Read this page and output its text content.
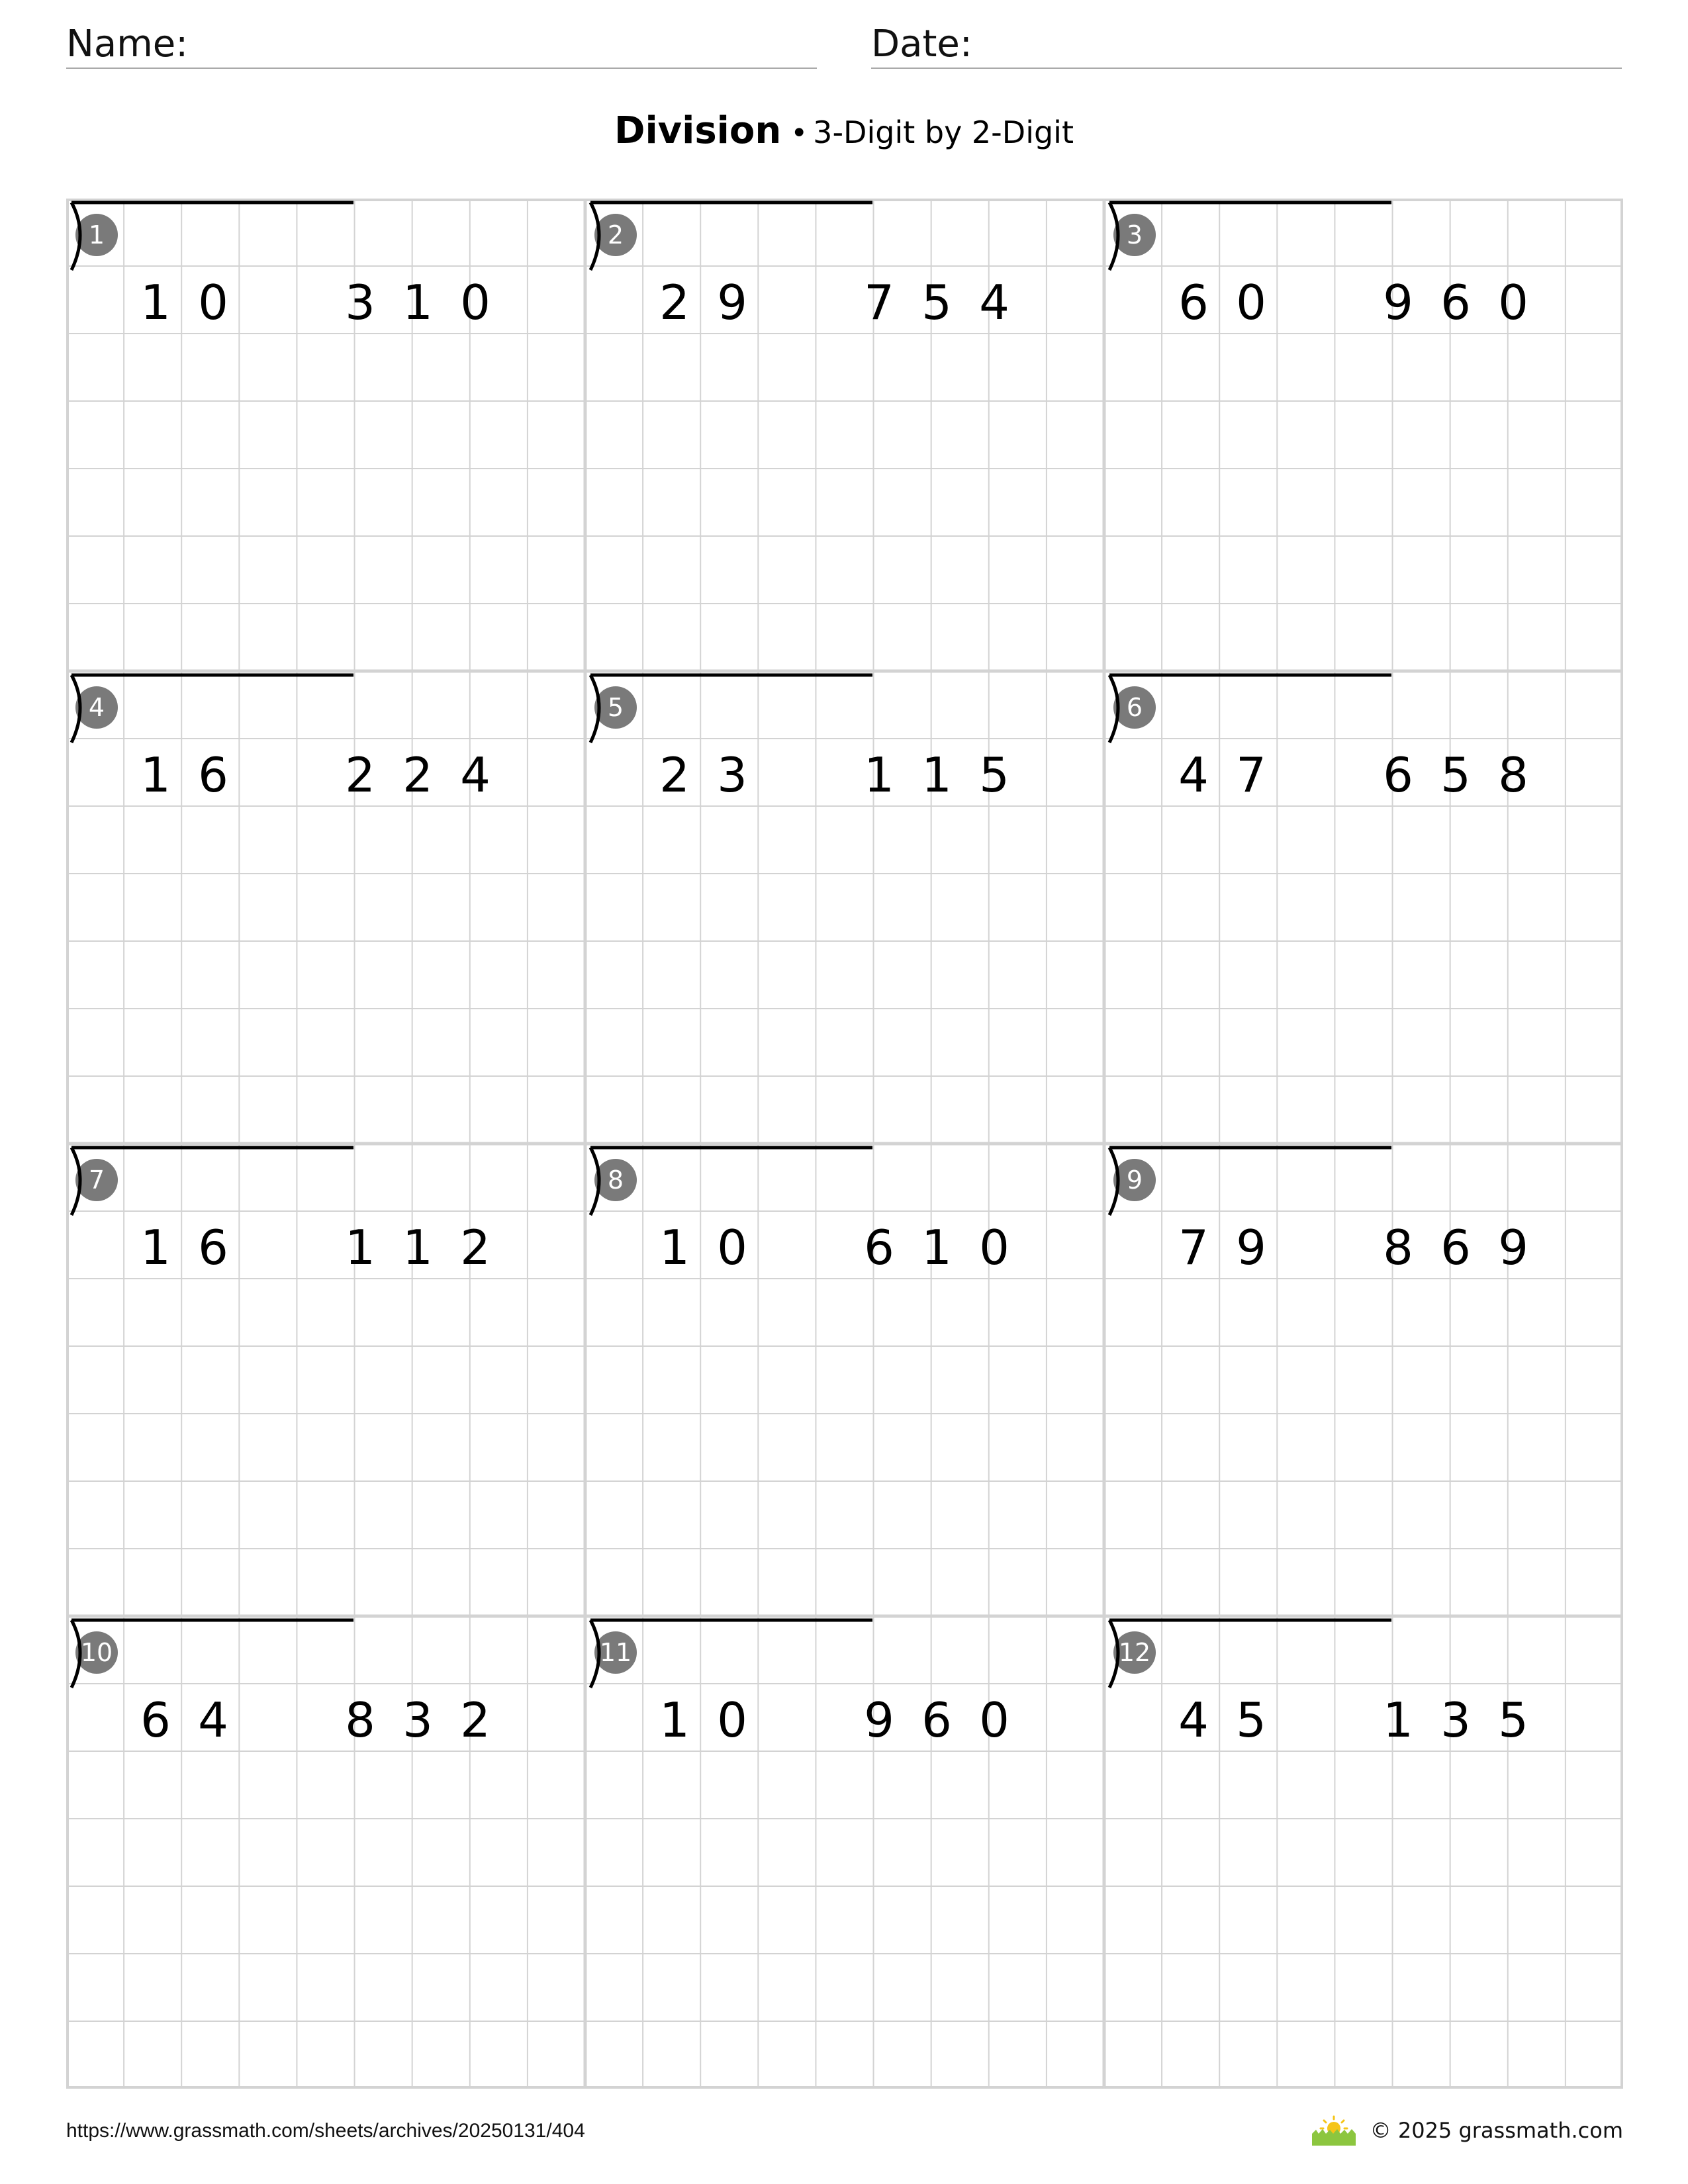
Name:	Date:
Division • 3-Digit by 2-Digit
1
1 0 3 1 0
2
2 9 7 5 4
3
6 0 9 6 0
4
1 6 2 2 4
5
2 3 1 1 5
6
4 7 6 5 8
7
1 6 1 1 2
8
1 0 6 1 0
9
7 9 8 6 9
10
6 4 8 3 2
11
1 0 9 6 0
12
4 5 1 3 5
https://www.grassmath.com/sheets/archives/20250131/404	© 2025 grassmath.com
